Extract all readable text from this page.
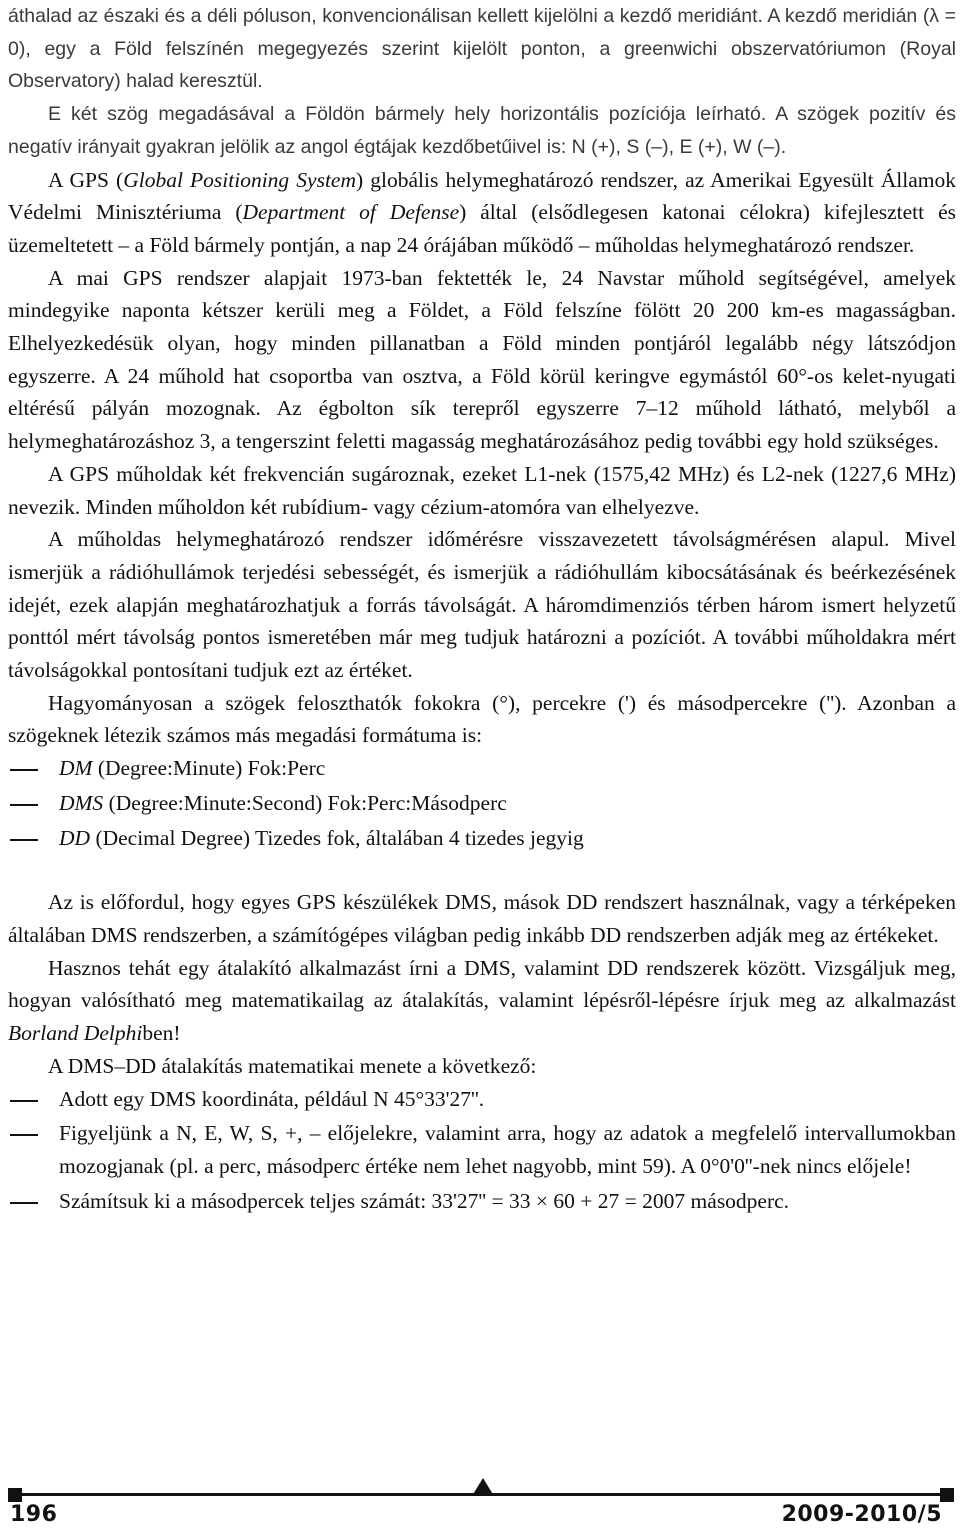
áthalad az északi és a déli póluson, konvencionálisan kellett kijelölni a kezdő meridiánt. A kezdő meridián (λ = 0), egy a Föld felszínén megegyezés szerint kijelölt ponton, a greenwichi obszervatóriumon (Royal Observatory) halad keresztül.

E két szög megadásával a Földön bármely hely horizontális pozíciója leírható. A szögek pozitív és negatív irányait gyakran jelölik az angol égtájak kezdőbetűivel is: N (+), S (–), E (+), W (–).

A GPS (Global Positioning System) globális helymeghatározó rendszer, az Amerikai Egyesült Államok Védelmi Minisztériuma (Department of Defense) által (elsődlegesen katonai célokra) kifejlesztett és üzemeltetett – a Föld bármely pontján, a nap 24 órájában működő – műholdas helymeghatározó rendszer.

A mai GPS rendszer alapjait 1973-ban fektették le, 24 Navstar műhold segítségével, amelyek mindegyike naponta kétszer kerüli meg a Földet, a Föld felszíne fölött 20 200 km-es magasságban. Elhelyezkedésük olyan, hogy minden pillanatban a Föld minden pontjáról legalább négy látszódjon egyszerre. A 24 műhold hat csoportba van osztva, a Föld körül keringve egymástól 60°-os kelet-nyugati eltérésű pályán mozognak. Az égbolton sík terepről egyszerre 7–12 műhold látható, melyből a helymeghatározáshoz 3, a tengerszint feletti magasság meghatározásához pedig további egy hold szükséges.

A GPS műholdak két frekvencián sugároznak, ezeket L1-nek (1575,42 MHz) és L2-nek (1227,6 MHz) nevezik. Minden műholdon két rubídium- vagy cézium-atomóra van elhelyezve.

A műholdas helymeghatározó rendszer időmérésre visszavezetett távolságmérésen alapul. Mivel ismerjük a rádióhullámok terjedési sebességét, és ismerjük a rádióhullám kibocsátásának és beérkezésének idejét, ezek alapján meghatározhatjuk a forrás távolságát. A háromdimenziós térben három ismert helyzetű ponttól mért távolság pontos ismeretében már meg tudjuk határozni a pozíciót. A további műholdakra mért távolságokkal pontosítani tudjuk ezt az értéket.

Hagyományosan a szögek feloszthatók fokokra (°), percekre (') és másodpercekre (''). Azonban a szögeknek létezik számos más megadási formátuma is:

DM (Degree:Minute) Fok:Perc
DMS (Degree:Minute:Second) Fok:Perc:Másodperc
DD (Decimal Degree) Tizedes fok, általában 4 tizedes jegyig

Az is előfordul, hogy egyes GPS készülékek DMS, mások DD rendszert használnak, vagy a térképeken általában DMS rendszerben, a számítógépes világban pedig inkább DD rendszerben adják meg az értékeket.

Hasznos tehát egy átalakító alkalmazást írni a DMS, valamint DD rendszerek között. Vizsgáljuk meg, hogyan valósítható meg matematikailag az átalakítás, valamint lépésről-lépésre írjuk meg az alkalmazást Borland Delphiben!

A DMS–DD átalakítás matematikai menete a következő:

Adott egy DMS koordináta, például N 45°33'27''.
Figyeljünk a N, E, W, S, +, – előjelekre, valamint arra, hogy az adatok a megfelelő intervallumokban mozogjanak (pl. a perc, másodperc értéke nem lehet nagyobb, mint 59). A 0°0'0''-nek nincs előjele!
Számítsuk ki a másodpercek teljes számát: 33'27'' = 33 × 60 + 27 = 2007 másodperc.
196	2009-2010/5
